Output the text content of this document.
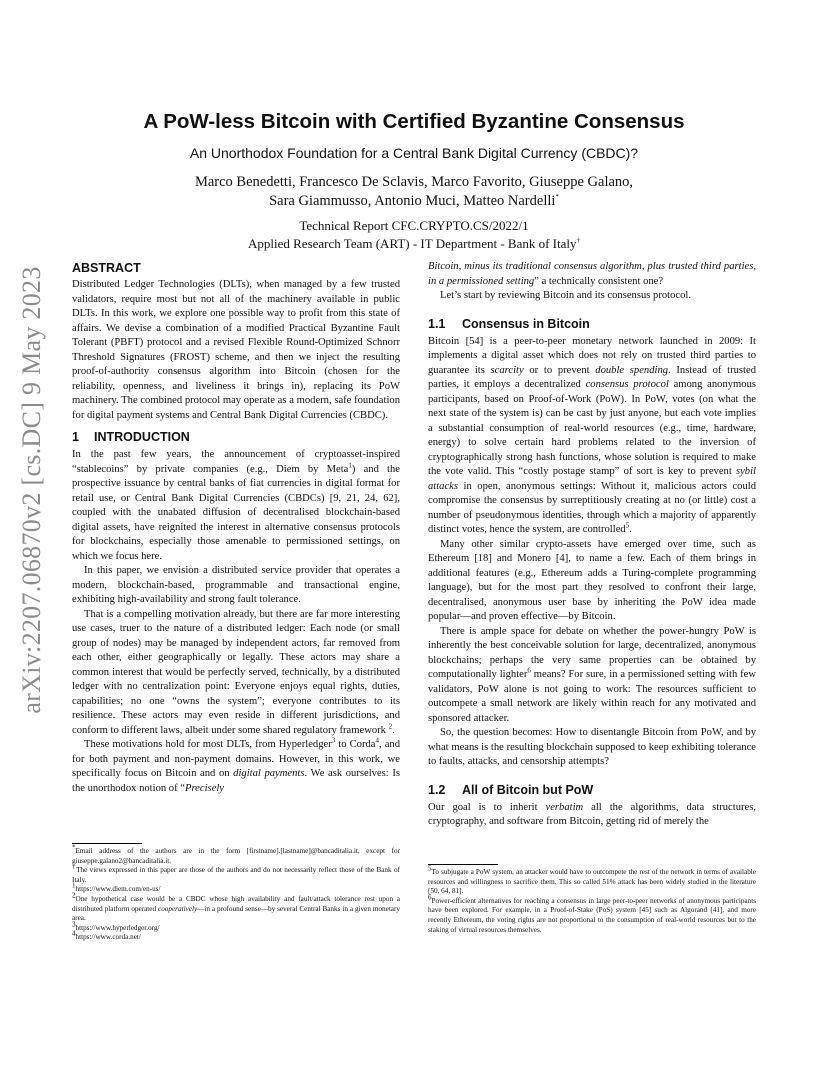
arXiv:2207.06870v2 [cs.DC] 9 May 2023
A PoW-less Bitcoin with Certified Byzantine Consensus
An Unorthodox Foundation for a Central Bank Digital Currency (CBDC)?
Marco Benedetti, Francesco De Sclavis, Marco Favorito, Giuseppe Galano,
Sara Giammusso, Antonio Muci, Matteo Nardelli*
Technical Report CFC.CRYPTO.CS/2022/1
Applied Research Team (ART) - IT Department - Bank of Italy†
ABSTRACT

Distributed Ledger Technologies (DLTs), when managed by a few trusted validators, require most but not all of the machinery available in public DLTs. In this work, we explore one possible way to profit from this state of affairs. We devise a combination of a modified Practical Byzantine Fault Tolerant (PBFT) protocol and a revised Flexible Round-Optimized Schnorr Threshold Signatures (FROST) scheme, and then we inject the resulting proof-of-authority consensus algorithm into Bitcoin (chosen for the reliability, openness, and liveliness it brings in), replacing its PoW machinery. The combined protocol may operate as a modern, safe foundation for digital payment systems and Central Bank Digital Currencies (CBDC).

1 INTRODUCTION

In the past few years, the announcement of cryptoasset-inspired “stablecoins” by private companies (e.g., Diem by Meta$^1$) and the prospective issuance by central banks of fiat currencies in digital format for retail use, or Central Bank Digital Currencies (CBDCs) [9, 21, 24, 62], coupled with the unabated diffusion of decentralised blockchain-based digital assets, have reignited the interest in alternative consensus protocols for blockchains, especially those amenable to permissioned settings, on which we focus here.

In this paper, we envision a distributed service provider that operates a modern, blockchain-based, programmable and transactional engine, exhibiting high-availability and strong fault tolerance.

That is a compelling motivation already, but there are far more interesting use cases, truer to the nature of a distributed ledger: Each node (or small group of nodes) may be managed by independent actors, far removed from each other, either geographically or legally. These actors may share a common interest that would be perfectly served, technically, by a distributed ledger with no centralization point: Everyone enjoys equal rights, duties, capabilities; no one “owns the system”; everyone contributes to its resilience. These actors may even reside in different jurisdictions, and conform to different laws, albeit under some shared regulatory framework $^2$.

These motivations hold for most DLTs, from Hyperledger$^3$ to Corda$^4$, and for both payment and non-payment domains. However, in this work, we specifically focus on Bitcoin and on digital payments. We ask ourselves: Is the unorthodox notion of “Precisely

*Email address of the authors are in the form [firstname].[lastname]@bancaditalia.it, except for giuseppe.galano2@bancaditalia.it.

†The views expressed in this paper are those of the authors and do not necessarily reflect those of the Bank of Italy.

$^1$https://www.diem.com/en-us/

$^2$One hypothetical case would be a CBDC whose high availability and fault/attack tolerance rest upon a distributed platform operated cooperatively—in a profound sense—by several Central Banks in a given monetary area.

$^3$https://www.hyperledger.org/

$^4$https://www.corda.net/

Bitcoin, minus its traditional consensus algorithm, plus trusted third parties, in a permissioned setting” a technically consistent one?

Let’s start by reviewing Bitcoin and its consensus protocol.

1.1 Consensus in Bitcoin

Bitcoin [54] is a peer-to-peer monetary network launched in 2009: It implements a digital asset which does not rely on trusted third parties to guarantee its scarcity or to prevent double spending. Instead of trusted parties, it employs a decentralized consensus protocol among anonymous participants, based on Proof-of-Work (PoW). In PoW, votes (on what the next state of the system is) can be cast by just anyone, but each vote implies a substantial consumption of real-world resources (e.g., time, hardware, energy) to solve certain hard problems related to the inversion of cryptographically strong hash functions, whose solution is required to make the vote valid. This “costly postage stamp” of sort is key to prevent sybil attacks in open, anonymous settings: Without it, malicious actors could compromise the consensus by surreptitiously creating at no (or little) cost a number of pseudonymous identities, through which a majority of apparently distinct votes, hence the system, are controlled$^5$.

Many other similar crypto-assets have emerged over time, such as Ethereum [18] and Monero [4], to name a few. Each of them brings in additional features (e.g., Ethereum adds a Turing-complete programming language), but for the most part they resolved to confront their large, decentralised, anonymous user base by inheriting the PoW idea made popular—and proven effective—by Bitcoin.

There is ample space for debate on whether the power-hungry PoW is inherently the best conceivable solution for large, decentralized, anonymous blockchains; perhaps the very same properties can be obtained by computationally lighter$^6$ means? For sure, in a permissioned setting with few validators, PoW alone is not going to work: The resources sufficient to outcompete a small network are likely within reach for any motivated and sponsored attacker.

So, the question becomes: How to disentangle Bitcoin from PoW, and by what means is the resulting blockchain supposed to keep exhibiting tolerance to faults, attacks, and censorship attempts?

1.2 All of Bitcoin but PoW

Our goal is to inherit verbatim all the algorithms, data structures, cryptography, and software from Bitcoin, getting rid of merely the

$^5$To subjugate a PoW system, an attacker would have to outcompete the rest of the network in terms of available resources and willingness to sacrifice them. This so called 51% attack has been widely studied in the literature [50, 64, 81].

$^6$Power-efficient alternatives for reaching a consensus in large peer-to-peer networks of anonymous participants have been explored. For example, in a Proof-of-Stake (PoS) system [45] such as Algorand [41], and more recently Ethereum, the voting rights are not proportional to the consumption of real-world resources but to the staking of virtual resources themselves.
